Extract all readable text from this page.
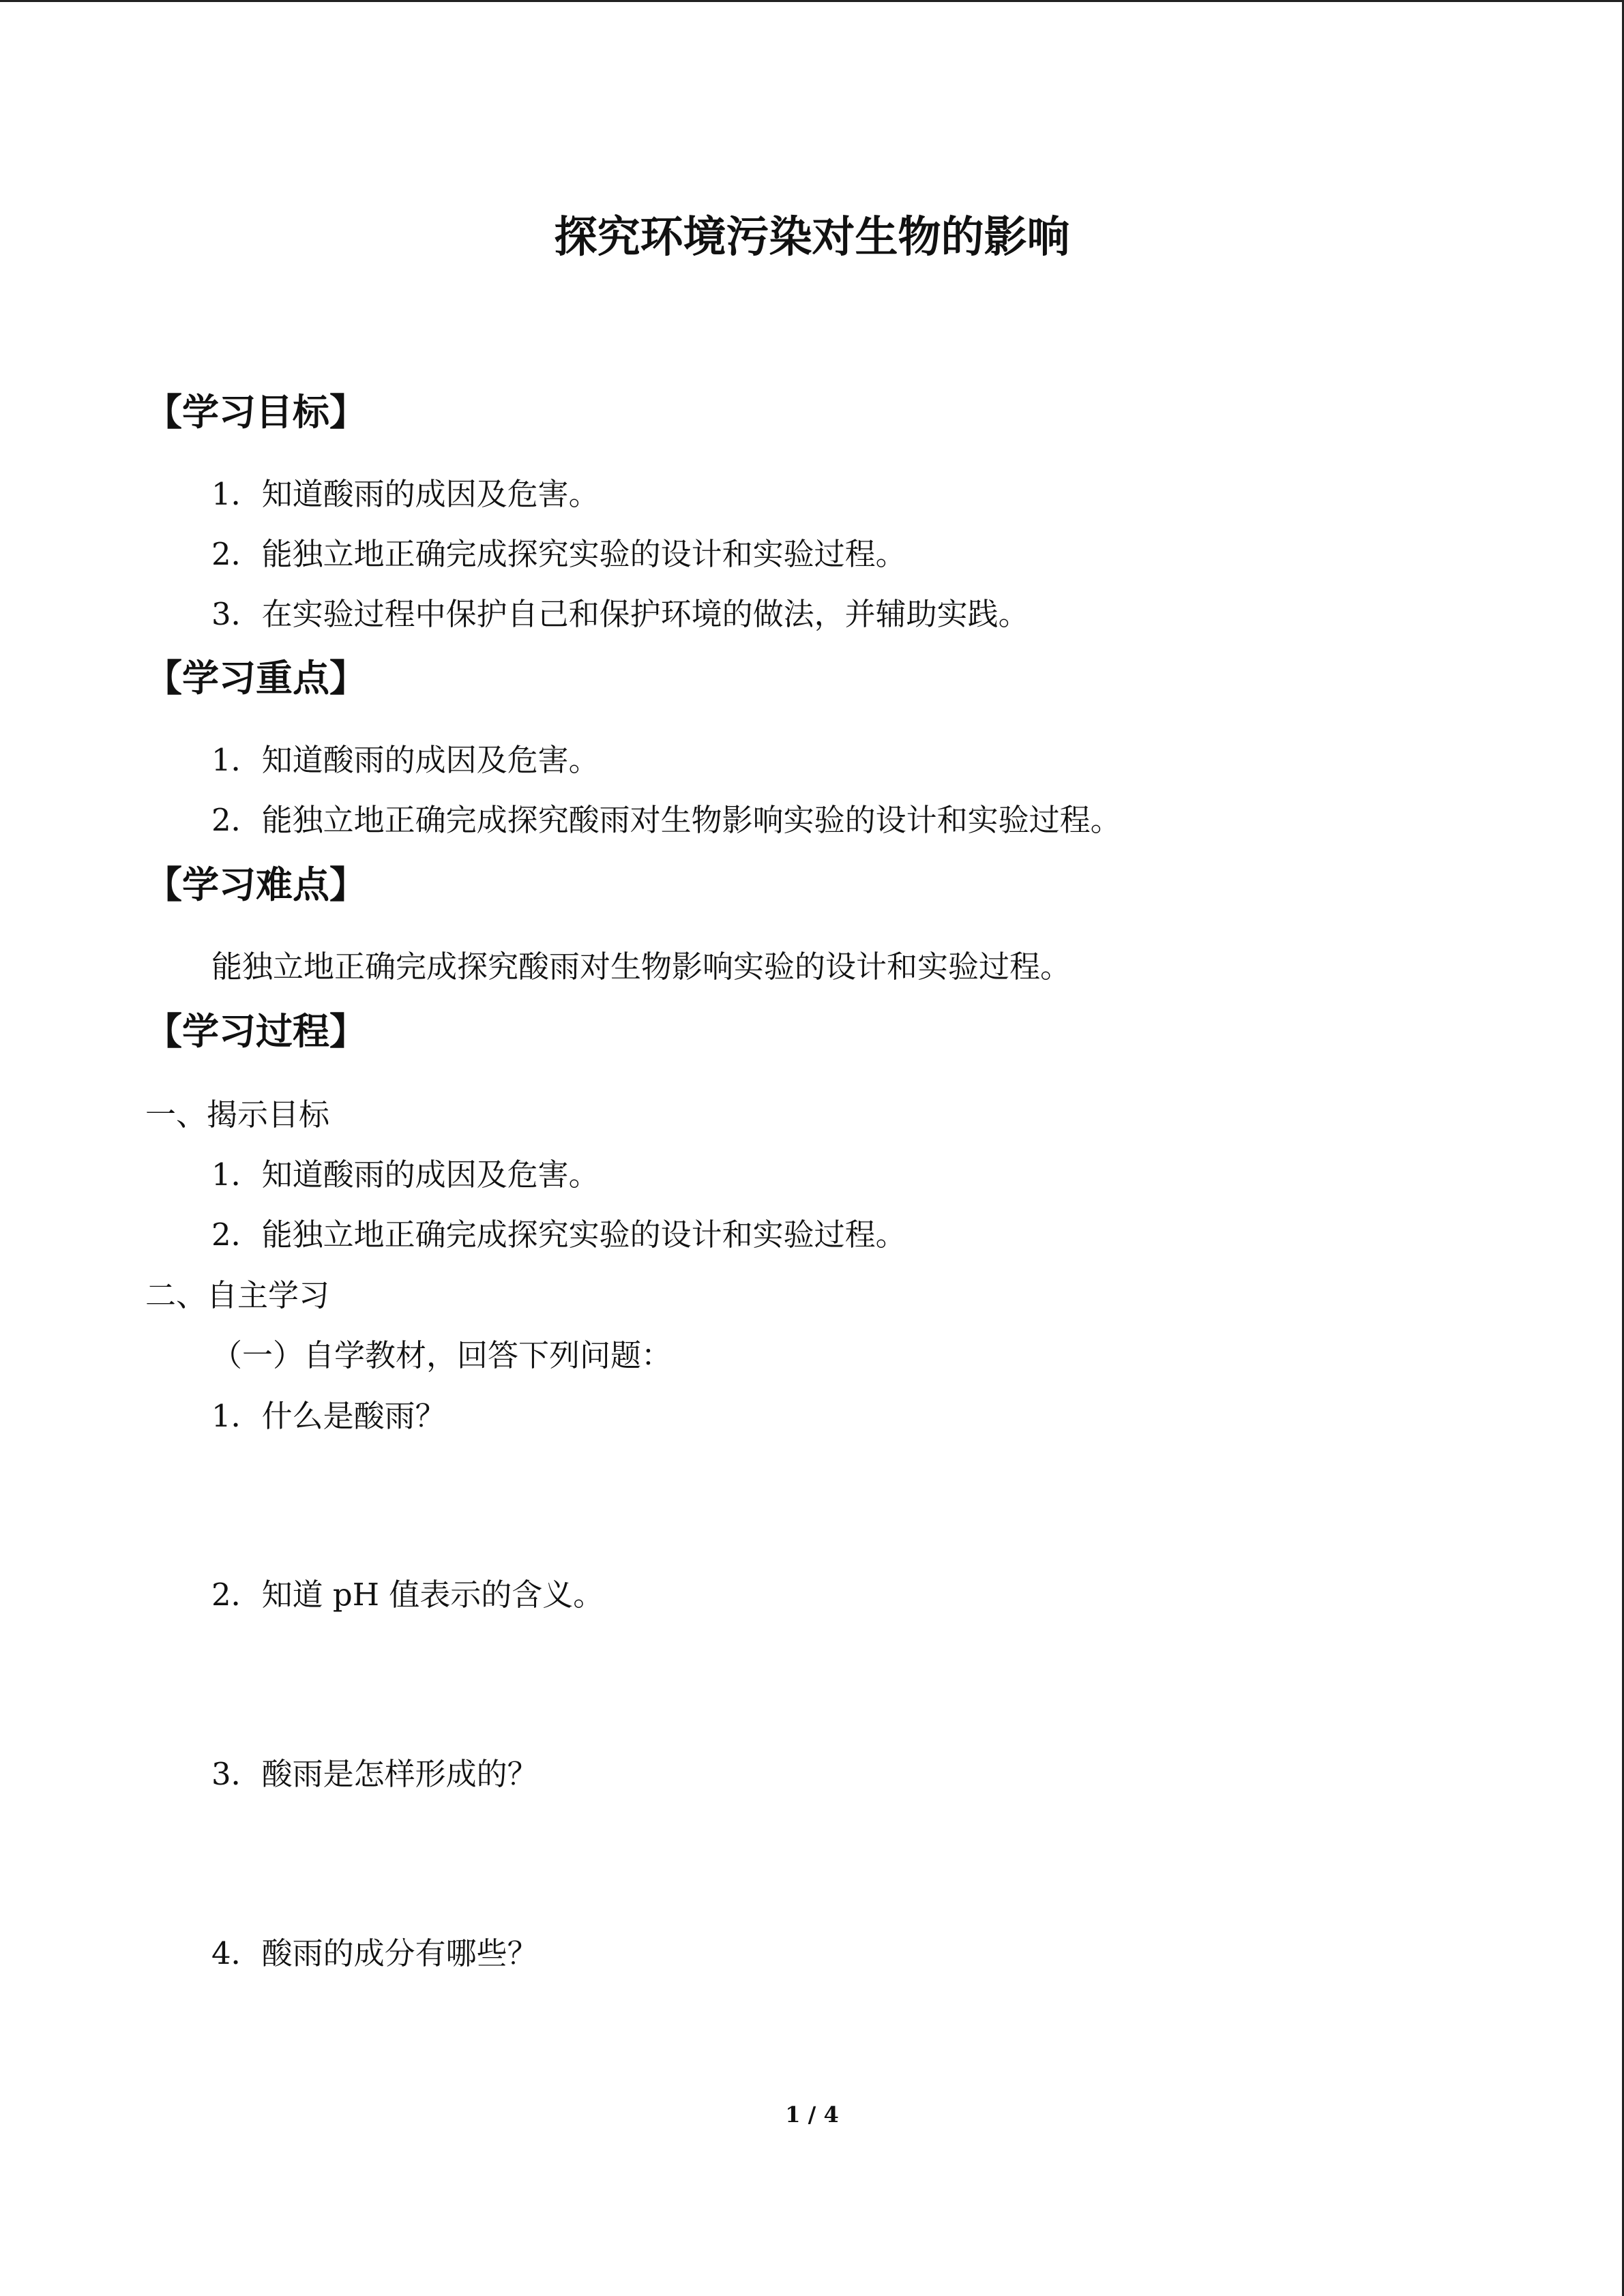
探究环境污染对生物的影响
【学习目标】
1．知道酸雨的成因及危害。
2．能独立地正确完成探究实验的设计和实验过程。
3．在实验过程中保护自己和保护环境的做法，并辅助实践。
【学习重点】
1．知道酸雨的成因及危害。
2．能独立地正确完成探究酸雨对生物影响实验的设计和实验过程。
【学习难点】
能独立地正确完成探究酸雨对生物影响实验的设计和实验过程。
【学习过程】
一、揭示目标
1．知道酸雨的成因及危害。
2．能独立地正确完成探究实验的设计和实验过程。
二、自主学习
（一）自学教材，回答下列问题：
1．什么是酸雨？
2．知道 pH 值表示的含义。
3．酸雨是怎样形成的？
4．酸雨的成分有哪些？
1 / 4
